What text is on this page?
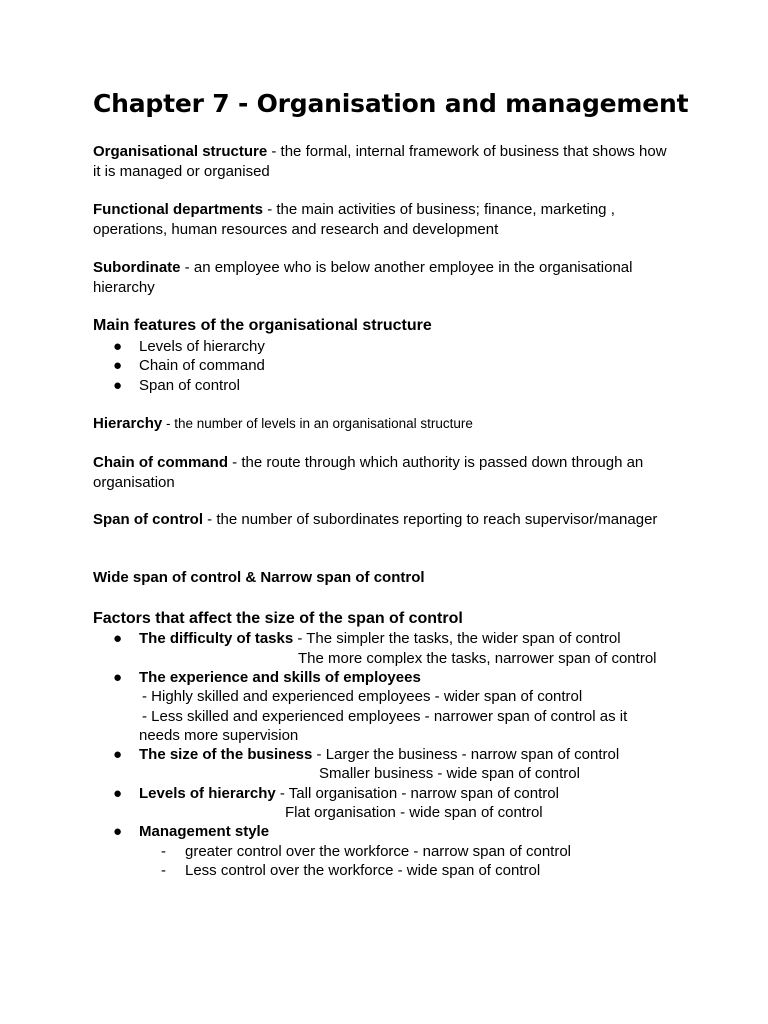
Chapter 7 - Organisation and management

Organisational structure - the formal, internal framework of business that shows how it is managed or organised

Functional departments - the main activities of business; finance, marketing , operations, human resources and research and development

Subordinate - an employee who is below another employee in the organisational hierarchy

Main features of the organisational structure
● Levels of hierarchy
● Chain of command
● Span of control

Hierarchy - the number of levels in an organisational structure

Chain of command - the route through which authority is passed down through an organisation

Span of control - the number of subordinates reporting to reach supervisor/manager

Wide span of control & Narrow span of control

Factors that affect the size of the span of control
● The difficulty of tasks - The simpler the tasks, the wider span of control
The more complex the tasks, narrower span of control
● The experience and skills of employees
- Highly skilled and experienced employees - wider span of control
- Less skilled and experienced employees - narrower span of control as it
needs more supervision
● The size of the business - Larger the business - narrow span of control
Smaller business - wide span of control
● Levels of hierarchy - Tall organisation - narrow span of control
Flat organisation - wide span of control
● Management style
- greater control over the workforce - narrow span of control
- Less control over the workforce - wide span of control
